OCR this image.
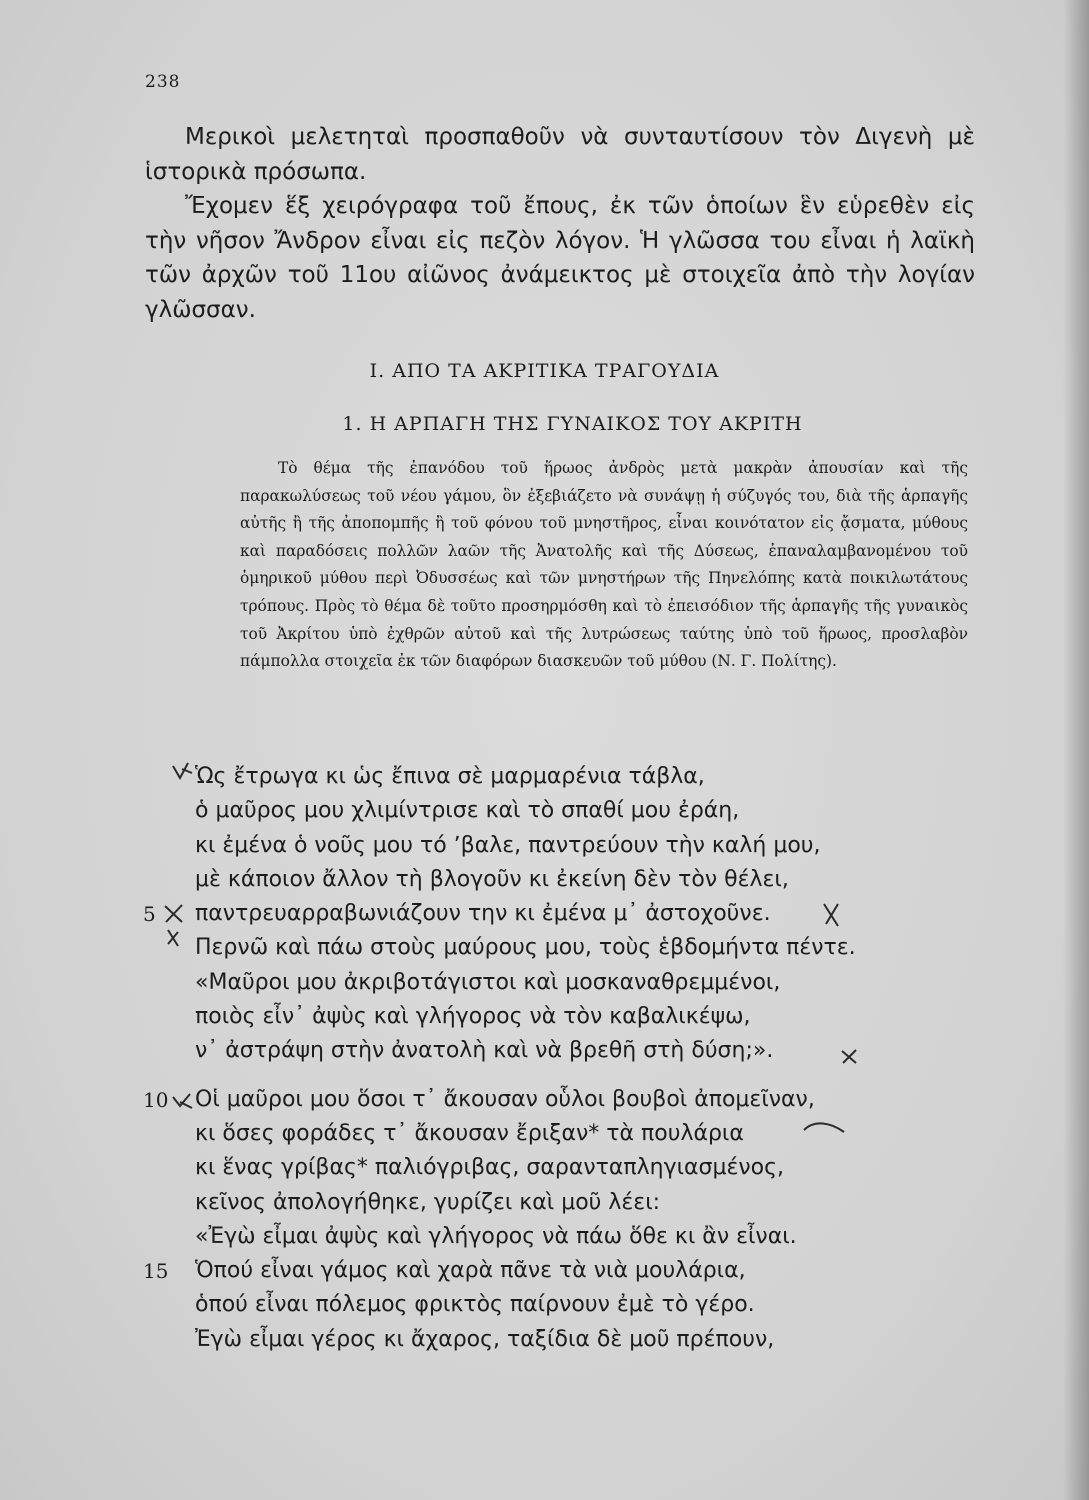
238

Μερικοὶ μελετηταὶ προσπαθοῦν νὰ συνταυτίσουν τὸν Διγενὴ μὲ ἱστορικὰ πρόσωπα.

Ἔχομεν ἕξ χειρόγραφα τοῦ ἔπους, ἐκ τῶν ὁποίων ἓν εὑρεθὲν εἰς τὴν νῆσον Ἄνδρον εἶναι εἰς πεζὸν λόγον. Ἡ γλῶσσα του εἶναι ἡ λαϊκὴ τῶν ἀρχῶν τοῦ 11ου αἰῶνος ἀνάμεικτος μὲ στοιχεῖα ἀπὸ τὴν λογίαν γλῶσσαν.

Ι. ΑΠΟ ΤΑ ΑΚΡΙΤΙΚΑ ΤΡΑΓΟΥΔΙΑ
1. Η ΑΡΠΑΓΗ ΤΗΣ ΓΥΝΑΙΚΟΣ ΤΟΥ ΑΚΡΙΤΗ

Τὸ θέμα τῆς ἐπανόδου τοῦ ἥρωος ἀνδρὸς μετὰ μακρὰν ἀπουσίαν καὶ τῆς παρακωλύσεως τοῦ νέου γάμου, ὃν ἐξεβιάζετο νὰ συνάψῃ ἡ σύζυγός του, διὰ τῆς ἁρπαγῆς αὐτῆς ἢ τῆς ἀποπομπῆς ἢ τοῦ φόνου τοῦ μνηστῆρος, εἶναι κοινότατον εἰς ᾄσματα, μύθους καὶ παραδόσεις πολλῶν λαῶν τῆς Ἀνατολῆς καὶ τῆς Δύσεως, ἐπαναλαμβανομένου τοῦ ὁμηρικοῦ μύθου περὶ Ὀδυσσέως καὶ τῶν μνηστήρων τῆς Πηνελόπης κατὰ ποικιλωτάτους τρόπους. Πρὸς τὸ θέμα δὲ τοῦτο προσηρμόσθη καὶ τὸ ἐπεισόδιον τῆς ἁρπαγῆς τῆς γυναικὸς τοῦ Ἀκρίτου ὑπὸ ἐχθρῶν αὐτοῦ καὶ τῆς λυτρώσεως ταύτης ὑπὸ τοῦ ἥρωος, προσλαβὸν πάμπολλα στοιχεῖα ἐκ τῶν διαφόρων διασκευῶν τοῦ μύθου (Ν. Γ. Πολίτης).

Ὡς ἔτρωγα κι ὡς ἔπινα σὲ μαρμαρένια τάβλα,
ὁ μαῦρος μου χλιμίντρισε καὶ τὸ σπαθί μου ἐράη,
κι ἐμένα ὁ νοῦς μου τό ʼβαλε, παντρεύουν τὴν καλή μου,
μὲ κάποιον ἄλλον τὴ βλογοῦν κι ἐκείνη δὲν τὸν θέλει,
5 παντρευαρραβωνιάζουν την κι ἐμένα μ᾽ ἀστοχοῦνε.
Περνῶ καὶ πάω στοὺς μαύρους μου, τοὺς ἑβδομήντα πέντε.
«Μαῦροι μου ἀκριβοτάγιστοι καὶ μοσκαναθρεμμένοι,
ποιὸς εἶν᾽ ἀψὺς καὶ γλήγορος νὰ τὸν καβαλικέψω,
ν᾽ ἀστράψη στὴν ἀνατολὴ καὶ νὰ βρεθῆ στὴ δύση;».
10 Οἱ μαῦροι μου ὅσοι τ᾽ ἄκουσαν οὗλοι βουβοὶ ἀπομεῖναν,
κι ὅσες φοράδες τ᾽ ἄκουσαν ἔριξαν* τὰ πουλάρια
κι ἕνας γρίβας* παλιόγριβας, σαρανταπληγιασμένος,
κεῖνος ἀπολογήθηκε, γυρίζει καὶ μοῦ λέει:
«Ἐγὼ εἶμαι ἀψὺς καὶ γλήγορος νὰ πάω ὅθε κι ἂν εἶναι.
15 Ὁπού εἶναι γάμος καὶ χαρὰ πᾶνε τὰ νιὰ μουλάρια,
ὁπού εἶναι πόλεμος φρικτὸς παίρνουν ἐμὲ τὸ γέρο.
Ἐγὼ εἶμαι γέρος κι ἄχαρος, ταξίδια δὲ μοῦ πρέπουν,
